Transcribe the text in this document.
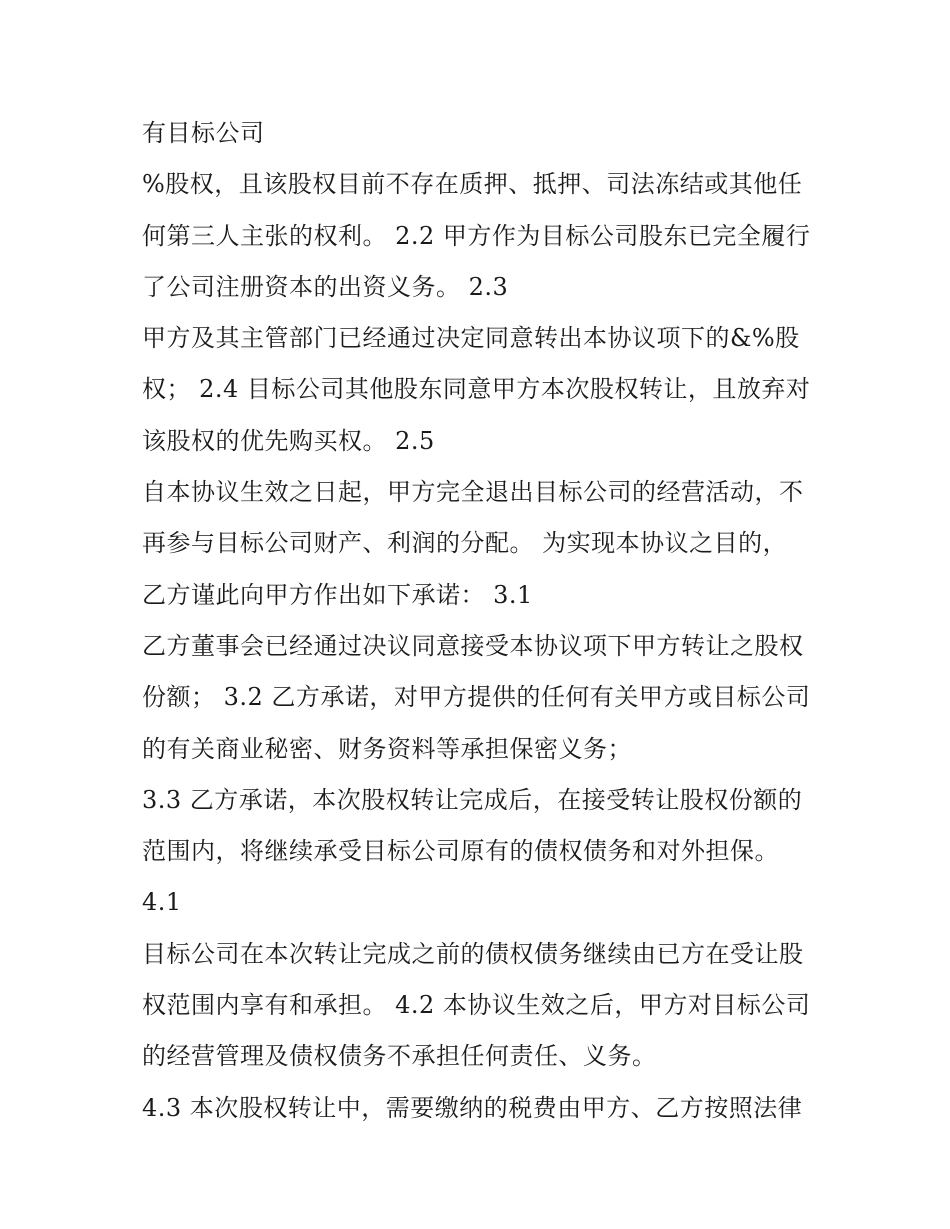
有目标公司
%股权，且该股权目前不存在质押、抵押、司法冻结或其他任
何第三人主张的权利。 2.2 甲方作为目标公司股东已完全履行
了公司注册资本的出资义务。 2.3
甲方及其主管部门已经通过决定同意转出本协议项下的&%股
权； 2.4 目标公司其他股东同意甲方本次股权转让，且放弃对
该股权的优先购买权。 2.5
自本协议生效之日起，甲方完全退出目标公司的经营活动，不
再参与目标公司财产、利润的分配。 为实现本协议之目的，
乙方谨此向甲方作出如下承诺： 3.1
乙方董事会已经通过决议同意接受本协议项下甲方转让之股权
份额； 3.2 乙方承诺，对甲方提供的任何有关甲方或目标公司
的有关商业秘密、财务资料等承担保密义务；
3.3 乙方承诺，本次股权转让完成后，在接受转让股权份额的
范围内，将继续承受目标公司原有的债权债务和对外担保。
4.1
目标公司在本次转让完成之前的债权债务继续由已方在受让股
权范围内享有和承担。 4.2 本协议生效之后，甲方对目标公司
的经营管理及债权债务不承担任何责任、义务。
4.3 本次股权转让中，需要缴纳的税费由甲方、乙方按照法律
